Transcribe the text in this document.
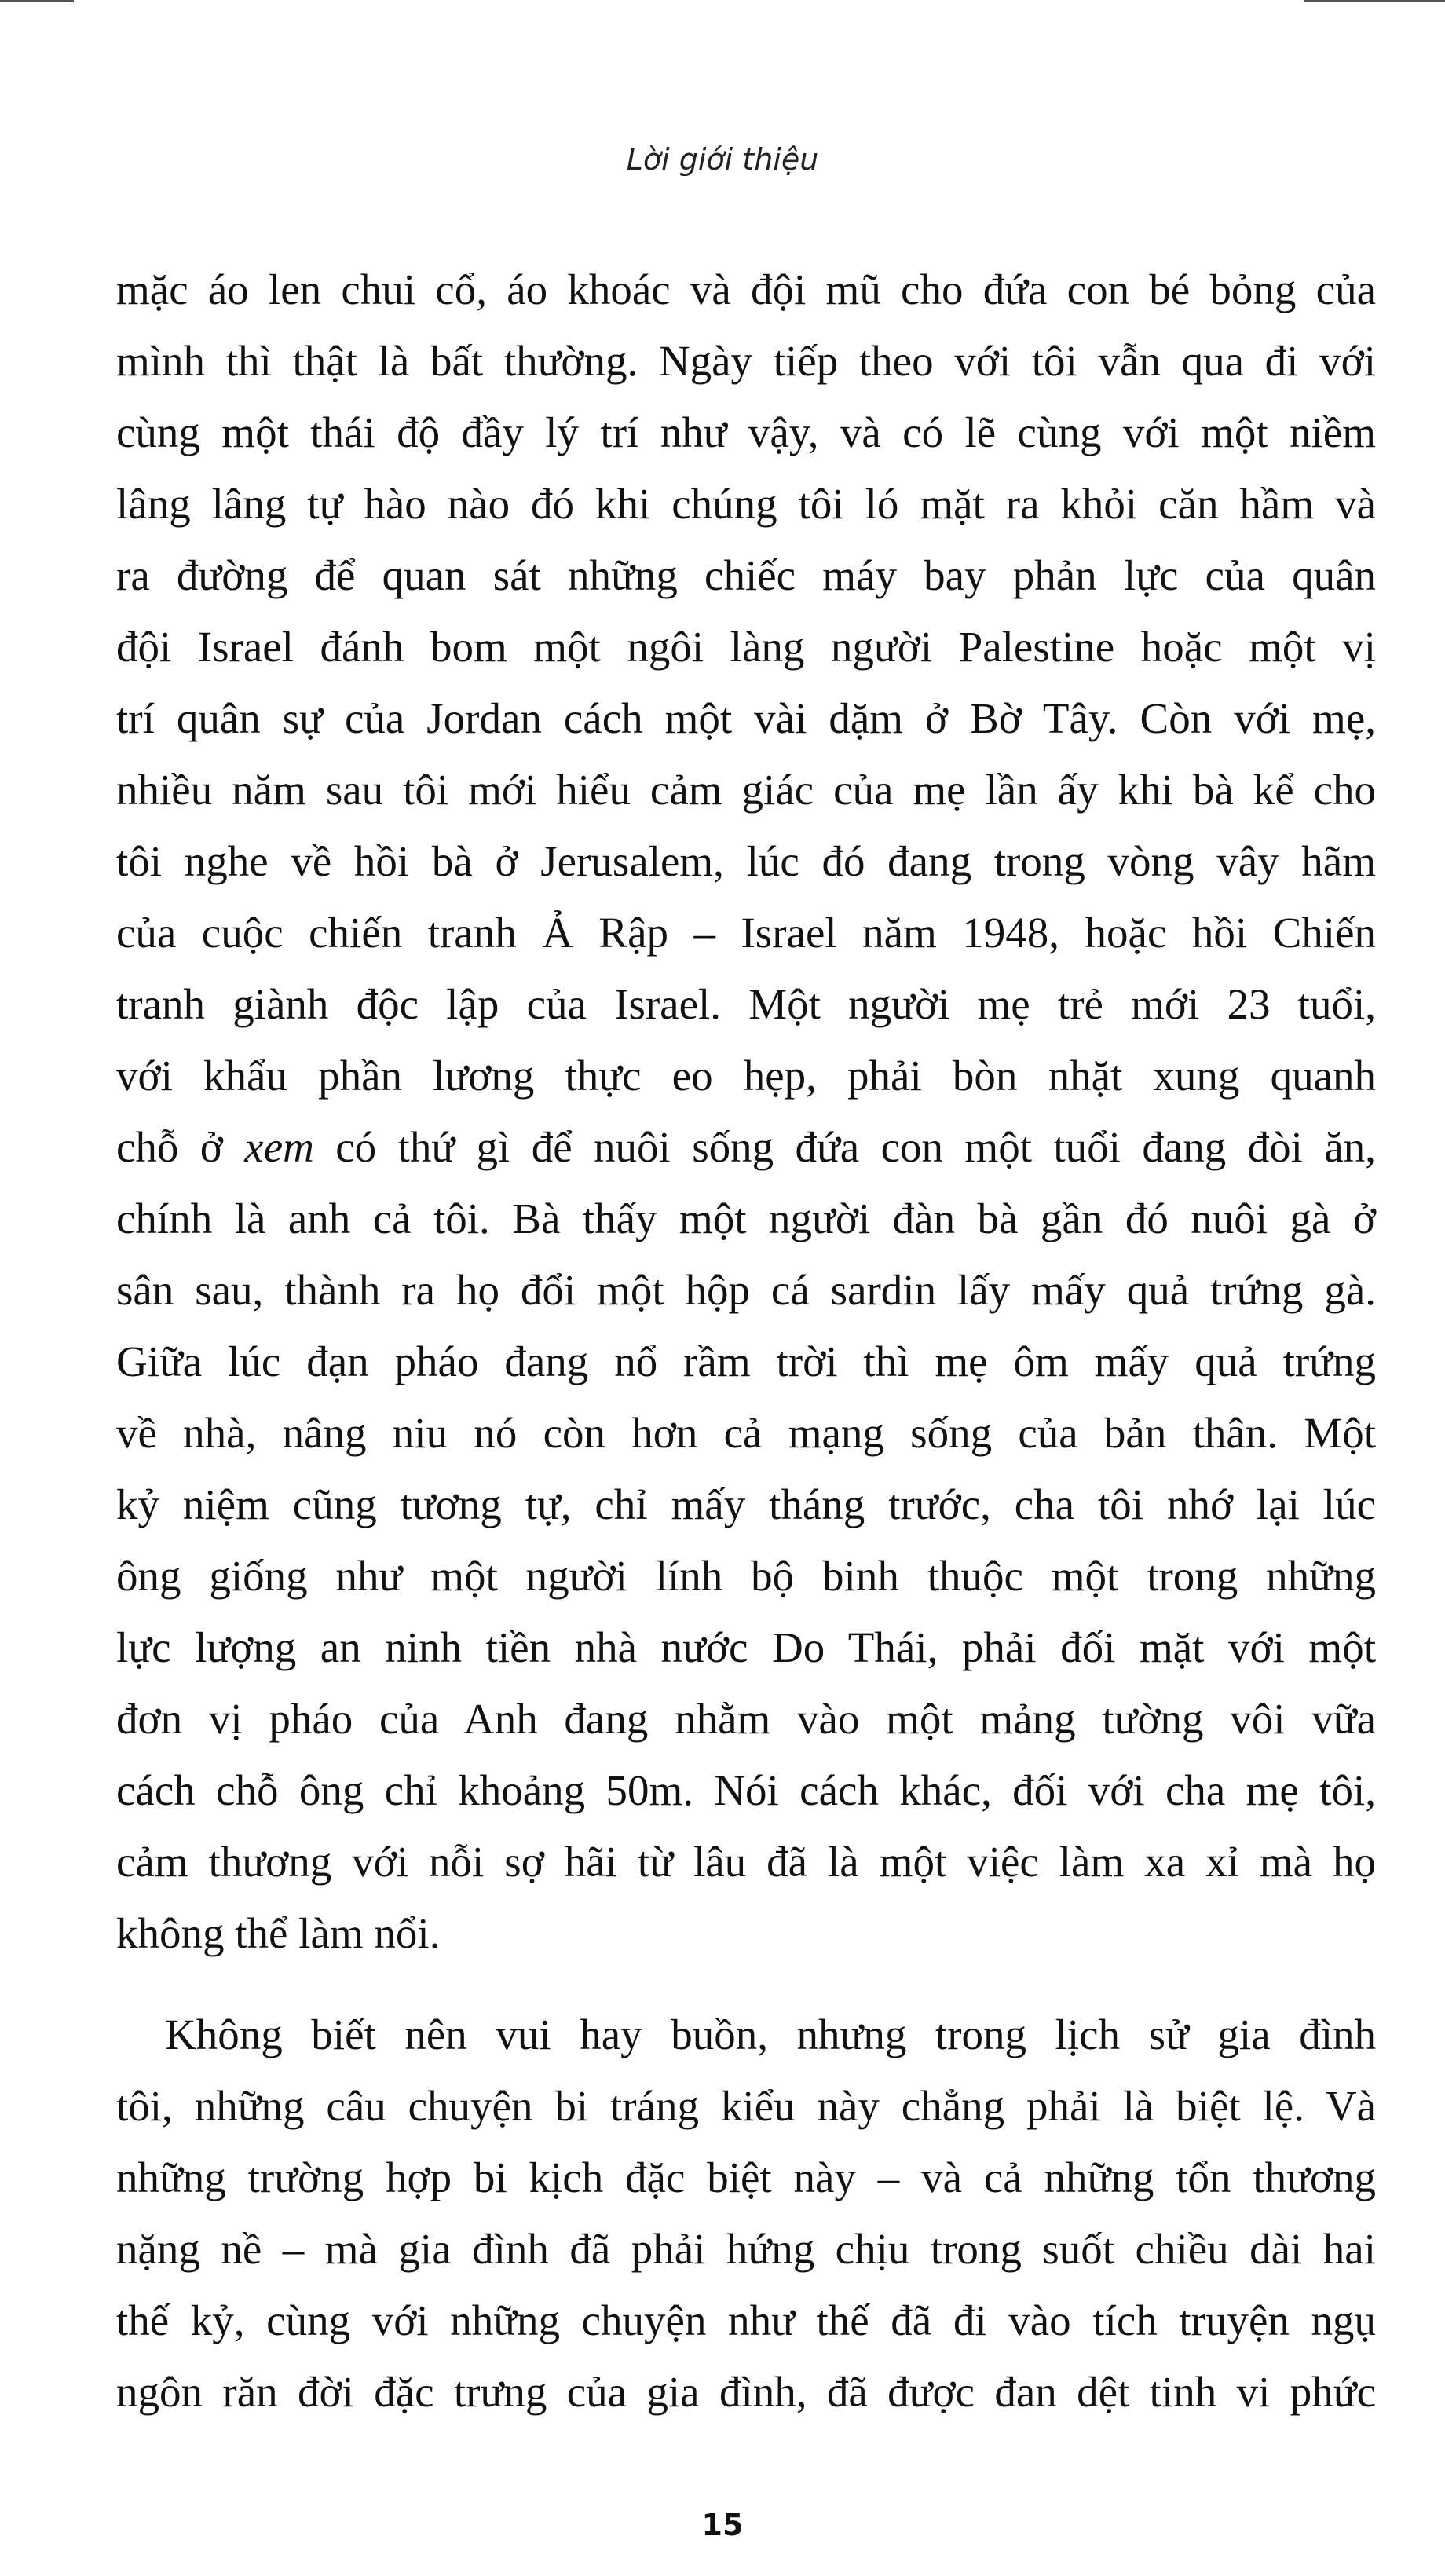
Lời giới thiệu

mặc áo len chui cổ, áo khoác và đội mũ cho đứa con bé bỏng của
mình thì thật là bất thường. Ngày tiếp theo với tôi vẫn qua đi với
cùng một thái độ đầy lý trí như vậy, và có lẽ cùng với một niềm
lâng lâng tự hào nào đó khi chúng tôi ló mặt ra khỏi căn hầm và
ra đường để quan sát những chiếc máy bay phản lực của quân
đội Israel đánh bom một ngôi làng người Palestine hoặc một vị
trí quân sự của Jordan cách một vài dặm ở Bờ Tây. Còn với mẹ,
nhiều năm sau tôi mới hiểu cảm giác của mẹ lần ấy khi bà kể cho
tôi nghe về hồi bà ở Jerusalem, lúc đó đang trong vòng vây hãm
của cuộc chiến tranh Ả Rập – Israel năm 1948, hoặc hồi Chiến
tranh giành độc lập của Israel. Một người mẹ trẻ mới 23 tuổi,
với khẩu phần lương thực eo hẹp, phải bòn nhặt xung quanh
chỗ ở xem có thứ gì để nuôi sống đứa con một tuổi đang đòi ăn,
chính là anh cả tôi. Bà thấy một người đàn bà gần đó nuôi gà ở
sân sau, thành ra họ đổi một hộp cá sardin lấy mấy quả trứng gà.
Giữa lúc đạn pháo đang nổ rầm trời thì mẹ ôm mấy quả trứng
về nhà, nâng niu nó còn hơn cả mạng sống của bản thân. Một
kỷ niệm cũng tương tự, chỉ mấy tháng trước, cha tôi nhớ lại lúc
ông giống như một người lính bộ binh thuộc một trong những
lực lượng an ninh tiền nhà nước Do Thái, phải đối mặt với một
đơn vị pháo của Anh đang nhằm vào một mảng tường vôi vữa
cách chỗ ông chỉ khoảng 50m. Nói cách khác, đối với cha mẹ tôi,
cảm thương với nỗi sợ hãi từ lâu đã là một việc làm xa xỉ mà họ
không thể làm nổi.

Không biết nên vui hay buồn, nhưng trong lịch sử gia đình
tôi, những câu chuyện bi tráng kiểu này chẳng phải là biệt lệ. Và
những trường hợp bi kịch đặc biệt này – và cả những tổn thương
nặng nề – mà gia đình đã phải hứng chịu trong suốt chiều dài hai
thế kỷ, cùng với những chuyện như thế đã đi vào tích truyện ngụ
ngôn răn đời đặc trưng của gia đình, đã được đan dệt tinh vi phức

15
